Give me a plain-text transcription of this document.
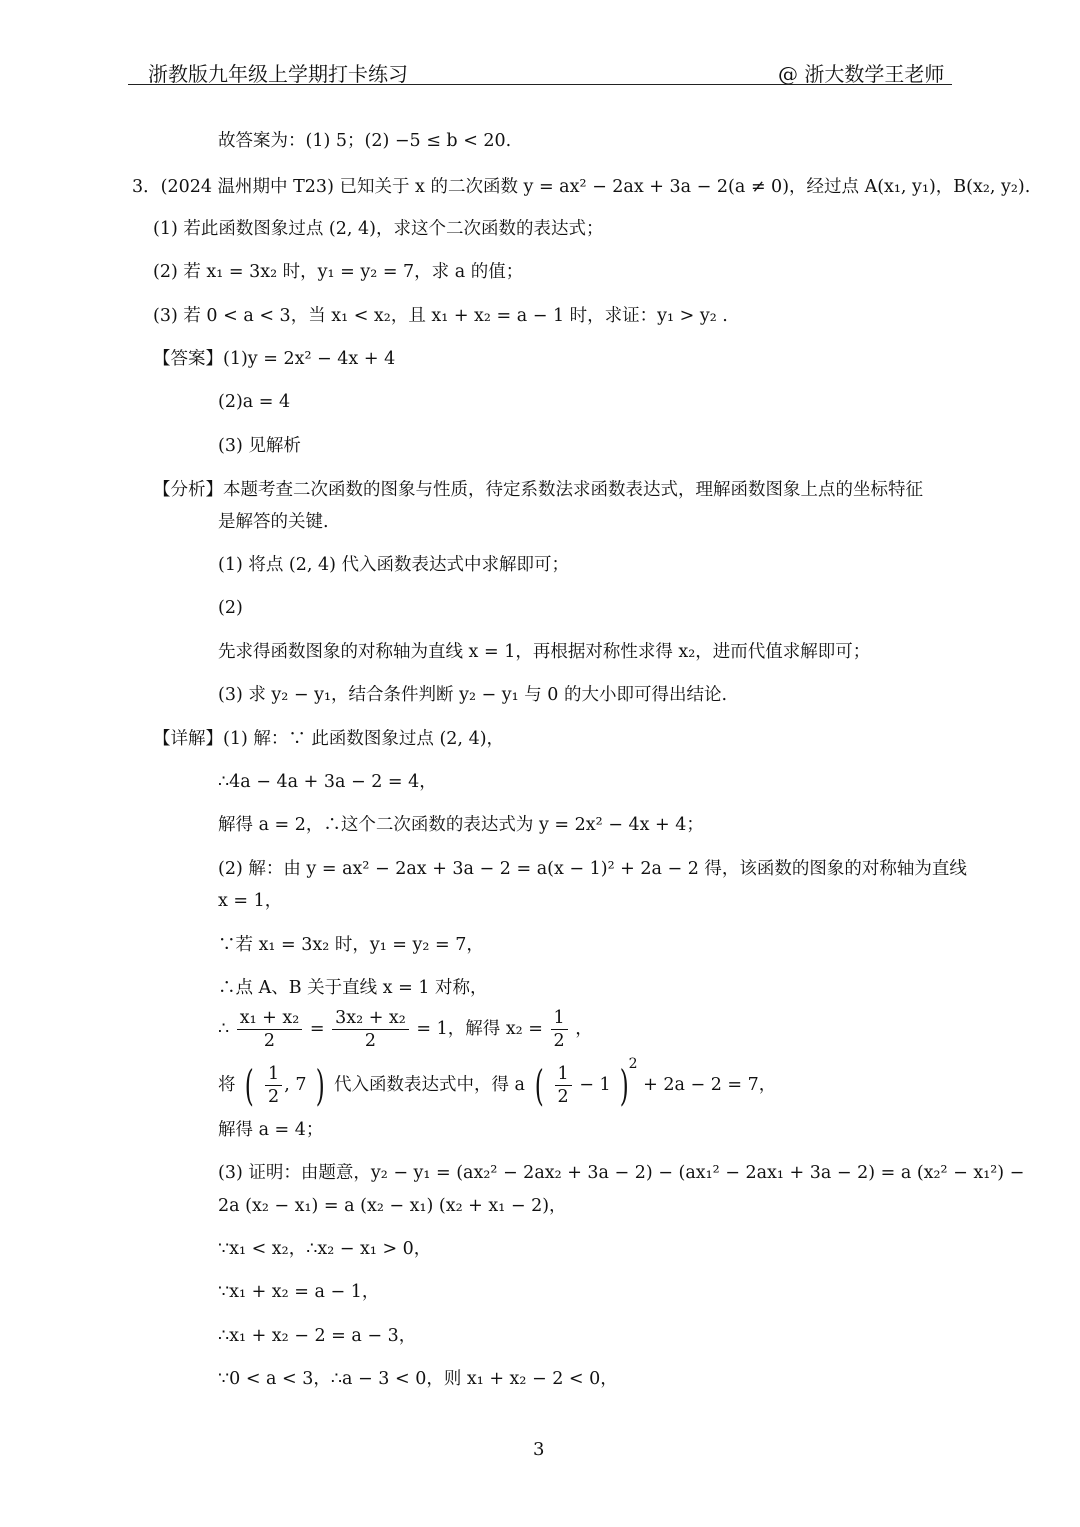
浙教版九年级上学期打卡练习	@ 浙大数学王老师
故答案为：(1) 5；(2) −5 ≤ b < 20.
3．(2024 温州期中 T23) 已知关于 x 的二次函数 y = ax² − 2ax + 3a − 2(a ≠ 0)，经过点 A(x₁, y₁)，B(x₂, y₂).
(1) 若此函数图象过点 (2, 4)，求这个二次函数的表达式；
(2) 若 x₁ = 3x₂ 时，y₁ = y₂ = 7，求 a 的值；
(3) 若 0 < a < 3，当 x₁ < x₂，且 x₁ + x₂ = a − 1 时，求证：y₁ > y₂ .
【答案】(1)y = 2x² − 4x + 4
(2)a = 4
(3) 见解析
【分析】本题考查二次函数的图象与性质，待定系数法求函数表达式，理解函数图象上点的坐标特征
是解答的关键.
(1) 将点 (2, 4) 代入函数表达式中求解即可；
(2)
先求得函数图象的对称轴为直线 x = 1，再根据对称性求得 x₂，进而代值求解即可；
(3) 求 y₂ − y₁，结合条件判断 y₂ − y₁ 与 0 的大小即可得出结论.
【详解】(1) 解：∵ 此函数图象过点 (2, 4)，
∴4a − 4a + 3a − 2 = 4，
解得 a = 2，∴这个二次函数的表达式为 y = 2x² − 4x + 4；
(2) 解：由 y = ax² − 2ax + 3a − 2 = a(x − 1)² + 2a − 2 得，该函数的图象的对称轴为直线
x = 1，
∵若 x₁ = 3x₂ 时，y₁ = y₂ = 7，
∴点 A、B 关于直线 x = 1 对称，
∴ $\frac{\text{x₁ + x₂}}{2} = \frac{\text{3x₂ + x₂}}{2} = 1$，解得 $x_2 = \frac{1}{2}$ ，
将 ( $\frac{1}{2}$ , 7 ) 代入函数表达式中，得 a ( $\frac{1}{2} - 1$ )$^2$ + 2a − 2 = 7，
解得 a = 4；
(3) 证明：由题意，y₂ − y₁ = (ax₂² − 2ax₂ + 3a − 2) − (ax₁² − 2ax₁ + 3a − 2) = a (x₂² − x₁²) −
2a (x₂ − x₁) = a (x₂ − x₁) (x₂ + x₁ − 2)，
∵x₁ < x₂，∴x₂ − x₁ > 0，
∵x₁ + x₂ = a − 1，
∴x₁ + x₂ − 2 = a − 3，
∵0 < a < 3，∴a − 3 < 0，则 x₁ + x₂ − 2 < 0，
3
